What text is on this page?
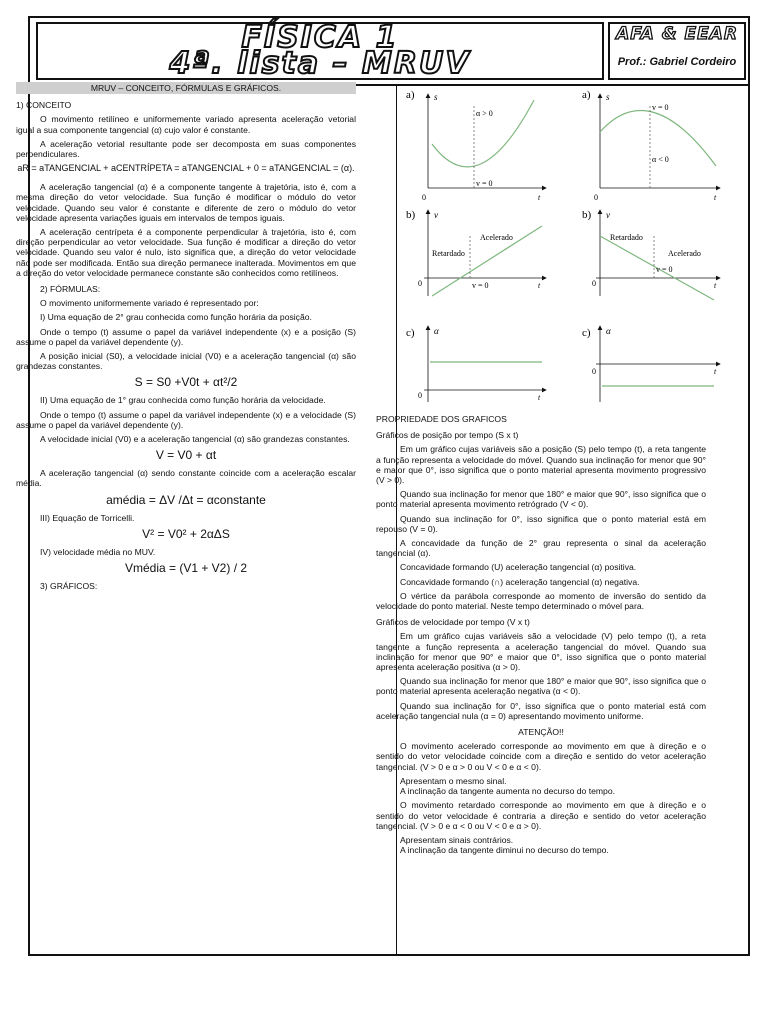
FÍSICA 1
4ª. lista – MRUV
AFA & EEAR
Prof.: Gabriel Cordeiro
MRUV – CONCEITO, FÓRMULAS E GRÁFICOS.

1) CONCEITO

O movimento retilíneo e uniformemente variado apresenta aceleração vetorial igual a sua componente tangencial (α) cujo valor é constante.

A aceleração vetorial resultante pode ser decomposta em suas componentes perpendiculares.

aR = aTANGENCIAL + aCENTRÍPETA = aTANGENCIAL + 0 = aTANGENCIAL = (α).

A aceleração tangencial (α) é a componente tangente à trajetória, isto é, com a mesma direção do vetor velocidade. Sua função é modificar o módulo do vetor velocidade. Quando seu valor é constante e diferente de zero o módulo do vetor velocidade apresenta variações iguais em intervalos de tempos iguais.

A aceleração centrípeta é a componente perpendicular à trajetória, isto é, com direção perpendicular ao vetor velocidade. Sua função é modificar a direção do vetor velocidade. Quando seu valor é nulo, isto significa que, a direção do vetor velocidade não pode ser modificada. Então sua direção permanece inalterada. Movimentos em que a direção do vetor velocidade permanece constante são conhecidos como retilíneos.

2) FÓRMULAS:

O movimento uniformemente variado é representado por:

I) Uma equação de 2° grau conhecida como função horária da posição.

Onde o tempo (t) assume o papel da variável independente (x) e a posição (S) assume o papel da variável dependente (y).

A posição inicial (S0), a velocidade inicial (V0) e a aceleração tangencial (α) são grandezas constantes.

S = S0 +V0t + αt²/2

II) Uma equação de 1° grau conhecida como função horária da velocidade.

Onde o tempo (t) assume o papel da variável independente (x) e a velocidade (S) assume o papel da variável dependente (y).

A velocidade inicial (V0) e a aceleração tangencial (α) são grandezas constantes.

V = V0 + αt

A aceleração tangencial (α) sendo constante coincide com a aceleração escalar média.

amédia = ΔV /Δt = αconstante

III) Equação de Torricelli.

V² = V0² + 2αΔS

IV) velocidade média no MUV.

Vmédia = (V1 + V2) / 2

3) GRÁFICOS:

a) s
0	t
α > 0
v = 0
a) s
0	t
v = 0
α < 0
b) v
0	t
Acelerado
Retardado
v = 0
b) v
0	t
Retardado
Acelerado
v = 0
c) α
0	t
c) α
0	t

PROPRIEDADE DOS GRAFICOS

Gráficos de posição por tempo (S x t)

Em um gráfico cujas variáveis são a posição (S) pelo tempo (t), a reta tangente a função representa a velocidade do móvel. Quando sua inclinação for menor que 90° e maior que 0°, isso significa que o ponto material apresenta movimento progressivo (V > 0).

Quando sua inclinação for menor que 180° e maior que 90°, isso significa que o ponto material apresenta movimento retrógrado (V < 0).

Quando sua inclinação for 0°, isso significa que o ponto material está em repouso (V = 0).

A concavidade da função de 2° grau representa o sinal da aceleração tangencial (α).

Concavidade formando (U) aceleração tangencial (α) positiva.

Concavidade formando (∩) aceleração tangencial (α) negativa.

O vértice da parábola corresponde ao momento de inversão do sentido da velocidade do ponto material. Neste tempo determinado o móvel para.

Gráficos de velocidade por tempo (V x t)

Em um gráfico cujas variáveis são a velocidade (V) pelo tempo (t), a reta tangente a função representa a aceleração tangencial do móvel. Quando sua inclinação for menor que 90° e maior que 0°, isso significa que o ponto material apresenta aceleração positiva (α > 0).

Quando sua inclinação for menor que 180° e maior que 90°, isso significa que o ponto material apresenta aceleração negativa (α < 0).

Quando sua inclinação for 0°, isso significa que o ponto material está com aceleração tangencial nula (α = 0) apresentando movimento uniforme.

ATENÇÃO!!

O movimento acelerado corresponde ao movimento em que à direção e o sentido do vetor velocidade coincide com a direção e sentido do vetor aceleração tangencial. (V > 0 e α > 0 ou V < 0 e α < 0).

Apresentam o mesmo sinal.

A inclinação da tangente aumenta no decurso do tempo.

O movimento retardado corresponde ao movimento em que à direção e o sentido do vetor velocidade é contraria a direção e sentido do vetor aceleração tangencial. (V > 0 e α < 0 ou V < 0 e α > 0).

Apresentam sinais contrários.

A inclinação da tangente diminui no decurso do tempo.
